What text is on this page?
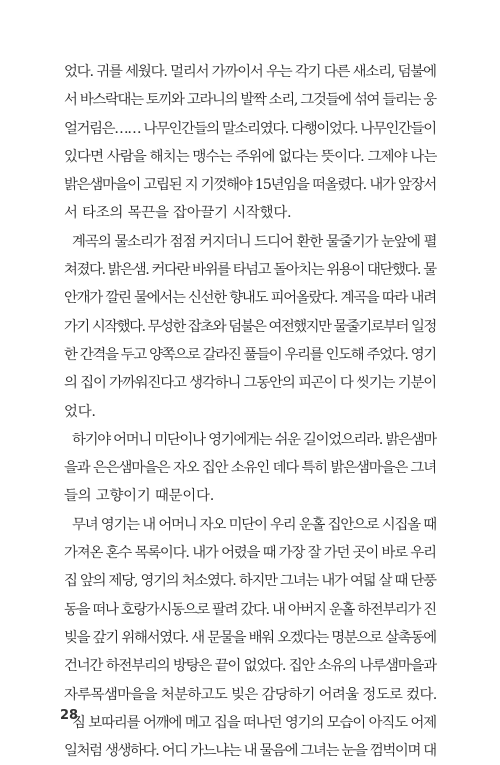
었다. 귀를 세웠다. 멀리서 가까이서 우는 각기 다른 새소리, 덤불에
서 바스락대는 토끼와 고라니의 발짝 소리, 그것들에 섞여 들리는 웅
얼거림은…… 나무인간들의 말소리였다. 다행이었다. 나무인간들이
있다면 사람을 해치는 맹수는 주위에 없다는 뜻이다. 그제야 나는
밝은샘마을이 고립된 지 기껏해야 15년임을 떠올렸다. 내가 앞장서
서 타조의 목끈을 잡아끌기 시작했다.
계곡의 물소리가 점점 커지더니 드디어 환한 물줄기가 눈앞에 펼
쳐졌다. 밝은샘. 커다란 바위를 타넘고 돌아치는 위용이 대단했다. 물
안개가 깔린 물에서는 신선한 향내도 피어올랐다. 계곡을 따라 내려
가기 시작했다. 무성한 잡초와 덤불은 여전했지만 물줄기로부터 일정
한 간격을 두고 양쪽으로 갈라진 풀들이 우리를 인도해 주었다. 영기
의 집이 가까워진다고 생각하니 그동안의 피곤이 다 씻기는 기분이
었다.
하기야 어머니 미단이나 영기에게는 쉬운 길이었으리라. 밝은샘마
을과 은은샘마을은 자오 집안 소유인 데다 특히 밝은샘마을은 그녀
들의 고향이기 때문이다.
무녀 영기는 내 어머니 자오 미단이 우리 운홀 집안으로 시집올 때
가져온 혼수 목록이다. 내가 어렸을 때 가장 잘 가던 곳이 바로 우리
집 앞의 제당, 영기의 처소였다. 하지만 그녀는 내가 여덟 살 때 단풍
동을 떠나 호랑가시동으로 팔려 갔다. 내 아버지 운홀 하전부리가 진
빚을 갚기 위해서였다. 새 문물을 배워 오겠다는 명분으로 살촉동에
건너간 하전부리의 방탕은 끝이 없었다. 집안 소유의 나루샘마을과
자루목샘마을을 처분하고도 빚은 감당하기 어려울 정도로 컸다.
짐 보따리를 어깨에 메고 집을 떠나던 영기의 모습이 아직도 어제
일처럼 생생하다. 어디 가느냐는 내 물음에 그녀는 눈을 껌벅이며 대
28
